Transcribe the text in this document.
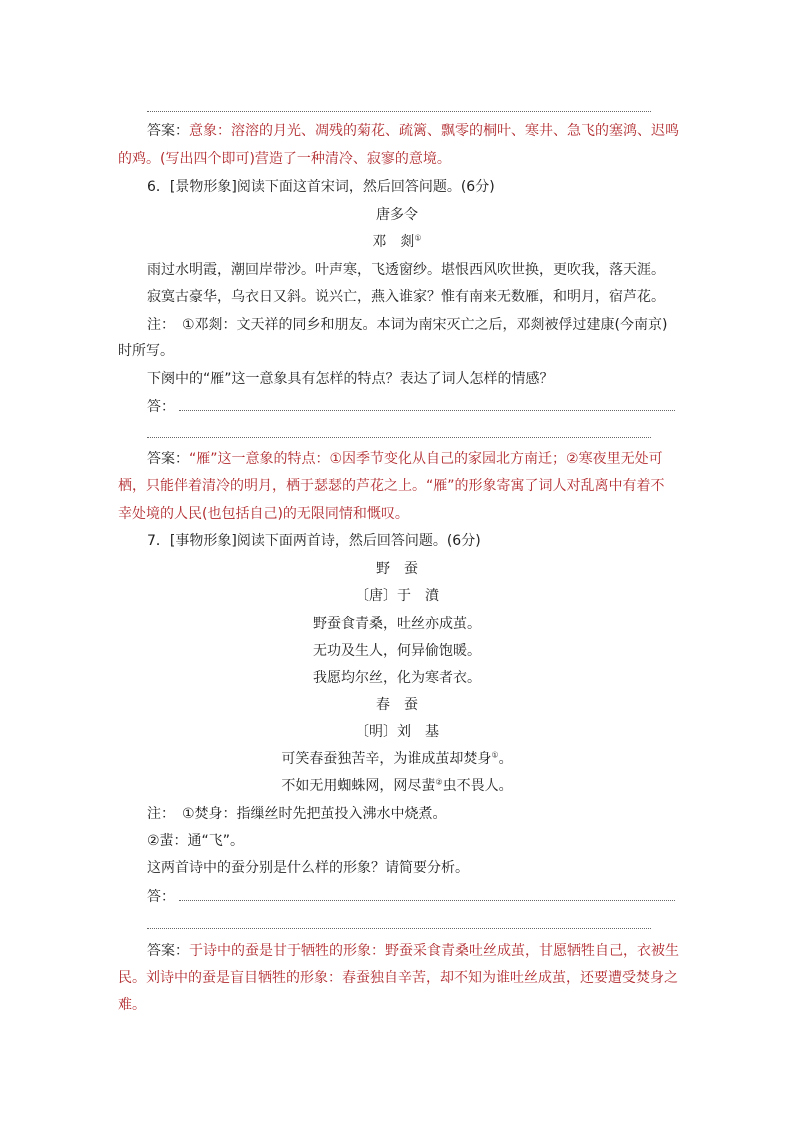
答案：意象：溶溶的月光、凋残的菊花、疏篱、飘零的桐叶、寒井、急飞的塞鸿、迟鸣
的鸡。(写出四个即可)营造了一种清冷、寂寥的意境。
6．[景物形象]阅读下面这首宋词，然后回答问题。(6分)
唐多令
邓　剡①
雨过水明霞，潮回岸带沙。叶声寒，飞透窗纱。堪恨西风吹世换，更吹我，落天涯。
寂寞古豪华，乌衣日又斜。说兴亡，燕入谁家？惟有南来无数雁，和明月，宿芦花。
注：　①邓剡：文天祥的同乡和朋友。本词为南宋灭亡之后，邓剡被俘过建康(今南京)
时所写。
下阕中的“雁”这一意象具有怎样的特点？表达了词人怎样的情感？
答：
答案：“雁”这一意象的特点：①因季节变化从自己的家园北方南迁；②寒夜里无处可
栖，只能伴着清冷的明月，栖于瑟瑟的芦花之上。“雁”的形象寄寓了词人对乱离中有着不
幸处境的人民(也包括自己)的无限同情和慨叹。
7．[事物形象]阅读下面两首诗，然后回答问题。(6分)
野　蚕
〔唐〕于　濆
野蚕食青桑，吐丝亦成茧。
无功及生人，何异偷饱暖。
我愿均尔丝，化为寒者衣。
春　蚕
〔明〕刘　基
可笑春蚕独苦辛，为谁成茧却焚身①。
不如无用蜘蛛网，网尽蜚②虫不畏人。
注：　①焚身：指缫丝时先把茧投入沸水中烧煮。
②蜚：通“飞”。
这两首诗中的蚕分别是什么样的形象？请简要分析。
答：
答案：于诗中的蚕是甘于牺牲的形象：野蚕采食青桑吐丝成茧，甘愿牺牲自己，衣被生
民。刘诗中的蚕是盲目牺牲的形象：春蚕独自辛苦，却不知为谁吐丝成茧，还要遭受焚身之
难。
